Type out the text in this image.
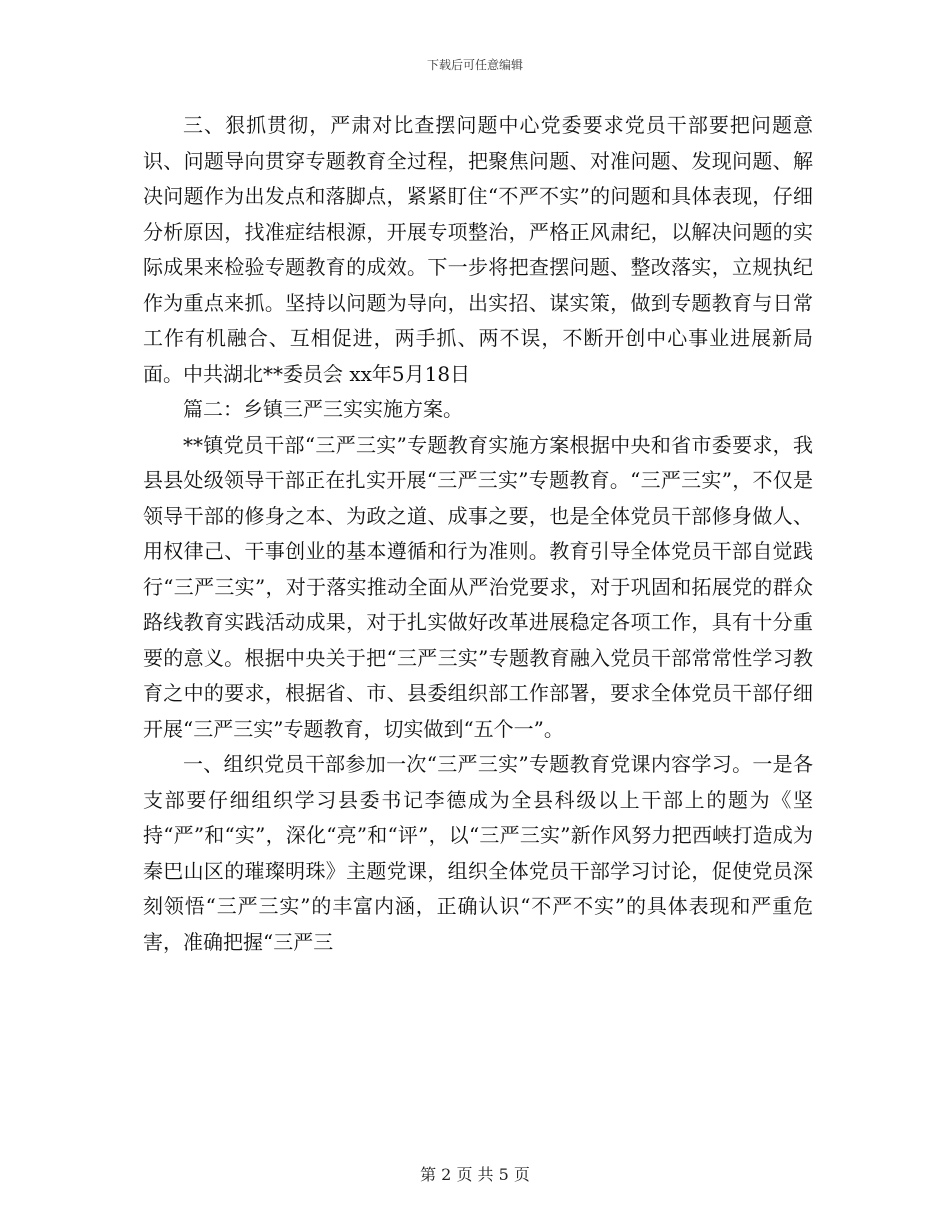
下载后可任意编辑

三、狠抓贯彻，严肃对比查摆问题中心党委要求党员干部要把问题意识、问题导向贯穿专题教育全过程，把聚焦问题、对准问题、发现问题、解决问题作为出发点和落脚点，紧紧盯住“不严不实”的问题和具体表现，仔细分析原因，找准症结根源，开展专项整治，严格正风肃纪，以解决问题的实际成果来检验专题教育的成效。下一步将把查摆问题、整改落实，立规执纪作为重点来抓。坚持以问题为导向，出实招、谋实策，做到专题教育与日常工作有机融合、互相促进，两手抓、两不误，不断开创中心事业进展新局面。中共湖北**委员会 xx年5月18日

篇二：乡镇三严三实实施方案。

**镇党员干部“三严三实”专题教育实施方案根据中央和省市委要求，我县县处级领导干部正在扎实开展“三严三实”专题教育。“三严三实”，不仅是领导干部的修身之本、为政之道、成事之要，也是全体党员干部修身做人、用权律己、干事创业的基本遵循和行为准则。教育引导全体党员干部自觉践行“三严三实”，对于落实推动全面从严治党要求，对于巩固和拓展党的群众路线教育实践活动成果，对于扎实做好改革进展稳定各项工作，具有十分重要的意义。根据中央关于把“三严三实”专题教育融入党员干部常常性学习教育之中的要求，根据省、市、县委组织部工作部署，要求全体党员干部仔细开展“三严三实”专题教育，切实做到“五个一”。

一、组织党员干部参加一次“三严三实”专题教育党课内容学习。一是各支部要仔细组织学习县委书记李德成为全县科级以上干部上的题为《坚持“严”和“实”，深化“亮”和“评”，以“三严三实”新作风努力把西峡打造成为秦巴山区的璀璨明珠》主题党课，组织全体党员干部学习讨论，促使党员深刻领悟“三严三实”的丰富内涵，正确认识“不严不实”的具体表现和严重危害，准确把握“三严三

第 2 页 共 5 页
